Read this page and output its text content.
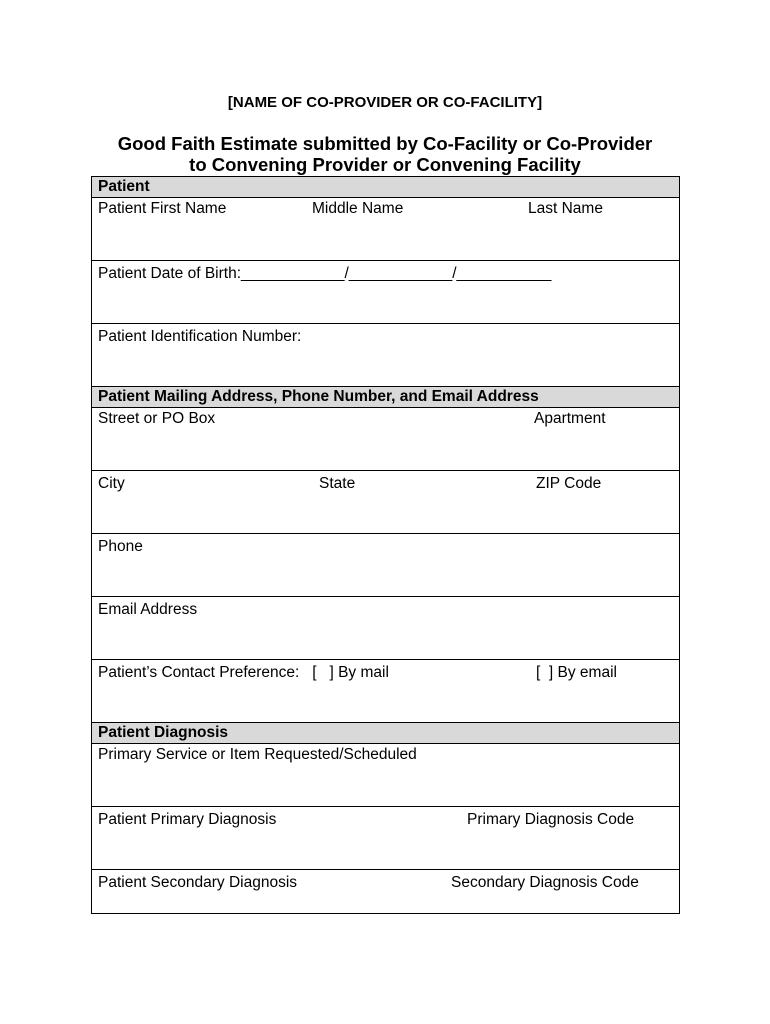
[NAME OF CO-PROVIDER OR CO-FACILITY]
Good Faith Estimate submitted by Co-Facility or Co-Provider
to Convening Provider or Convening Facility
Patient
Patient First Name	Middle Name	Last Name
Patient Date of Birth:____________/____________/___________
Patient Identification Number:
Patient Mailing Address, Phone Number, and Email Address
Street or PO Box	Apartment
City	State	ZIP Code
Phone
Email Address
Patient’s Contact Preference:   [   ] By mail	[  ] By email
Patient Diagnosis
Primary Service or Item Requested/Scheduled
Patient Primary Diagnosis	Primary Diagnosis Code
Patient Secondary Diagnosis	Secondary Diagnosis Code
